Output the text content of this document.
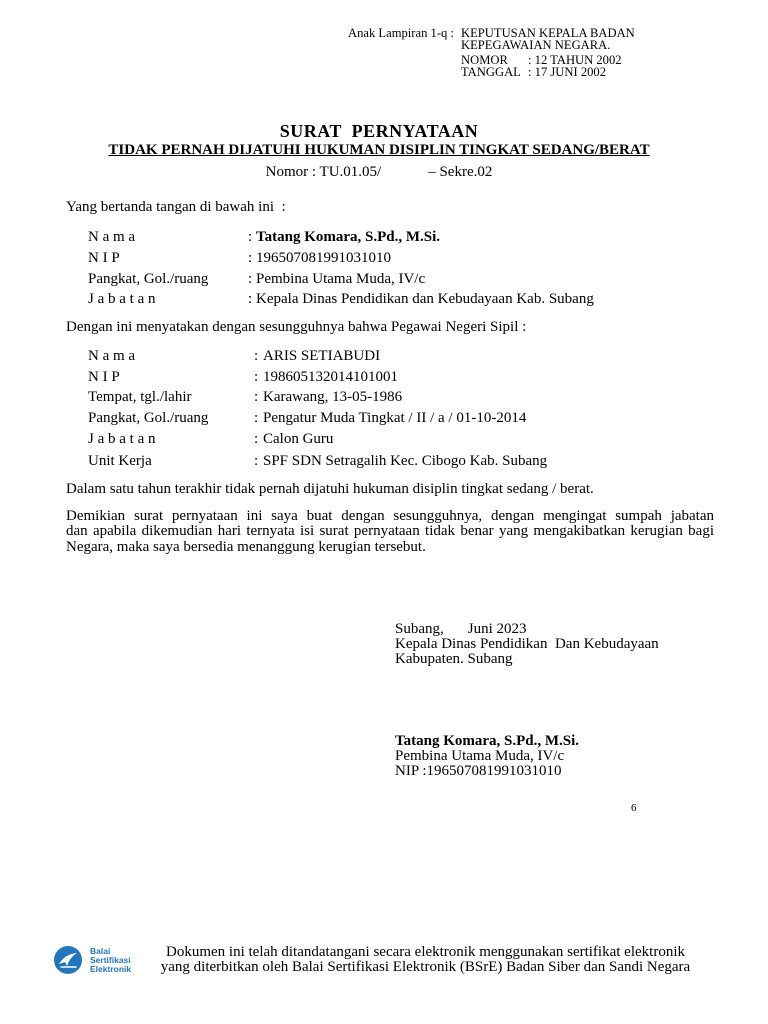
Anak Lampiran 1-q : KEPUTUSAN KEPALA BADAN
KEPEGAWAIAN NEGARA.
NOMOR : 12 TAHUN 2002
TANGGAL : 17 JUNI 2002
SURAT  PERNYATAAN
TIDAK PERNAH DIJATUHI HUKUMAN DISIPLIN TINGKAT SEDANG/BERAT
Nomor : TU.01.05/	– Sekre.02
Yang bertanda tangan di bawah ini  :
N a m a	: Tatang Komara, S.Pd., M.Si.
N I P	: 196507081991031010
Pangkat, Gol./ruang	: Pembina Utama Muda, IV/c
J a b a t a n	: Kepala Dinas Pendidikan dan Kebudayaan Kab. Subang
Dengan ini menyatakan dengan sesungguhnya bahwa Pegawai Negeri Sipil :
N a m a	: ARIS SETIABUDI
N I P	: 198605132014101001
Tempat, tgl./lahir	: Karawang, 13-05-1986
Pangkat, Gol./ruang	: Pengatur Muda Tingkat / II / a / 01-10-2014
J a b a t a n	: Calon Guru
Unit Kerja	: SPF SDN Setragalih Kec. Cibogo Kab. Subang
Dalam satu tahun terakhir tidak pernah dijatuhi hukuman disiplin tingkat sedang / berat.
Demikian surat pernyataan ini saya buat dengan sesungguhnya, dengan mengingat sumpah jabatan
dan apabila dikemudian hari ternyata isi surat pernyataan tidak benar yang mengakibatkan kerugian bagi
Negara, maka saya bersedia menanggung kerugian tersebut.
Subang, Juni 2023
Kepala Dinas Pendidikan  Dan Kebudayaan
Kabupaten. Subang
Tatang Komara, S.Pd., M.Si.
Pembina Utama Muda, IV/c
NIP :196507081991031010
6
Balai
Sertifikasi
Elektronik
Dokumen ini telah ditandatangani secara elektronik menggunakan sertifikat elektronik
yang diterbitkan oleh Balai Sertifikasi Elektronik (BSrE) Badan Siber dan Sandi Negara
